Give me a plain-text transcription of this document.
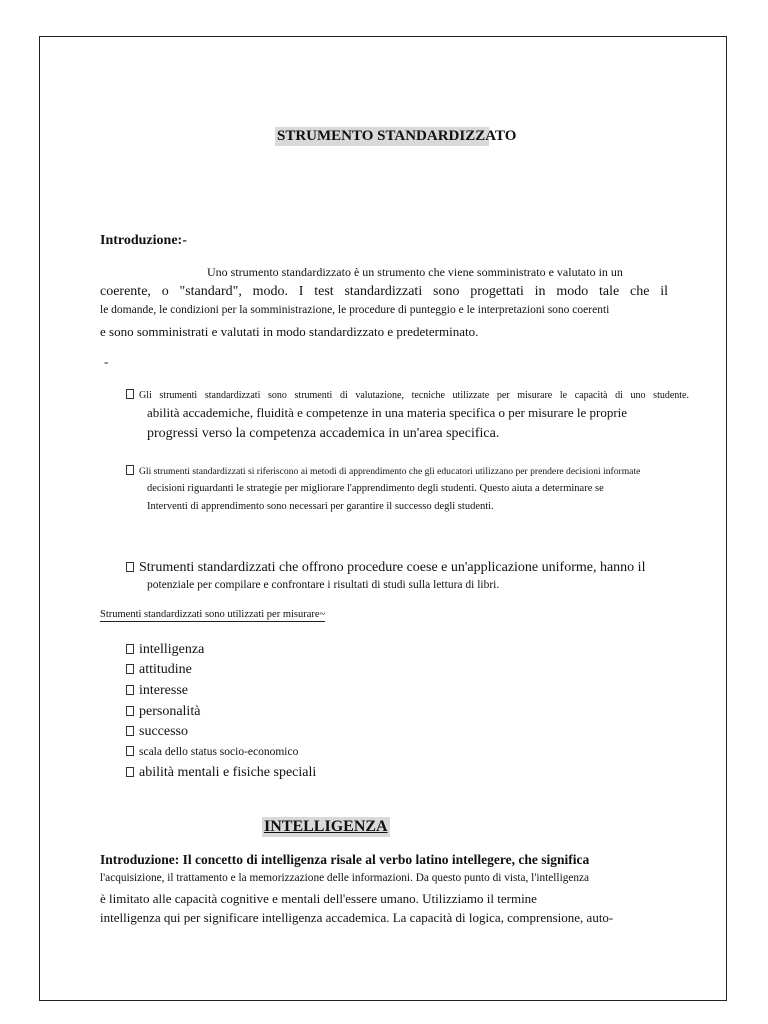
STRUMENTO STANDARDIZZATO
Introduzione:-
Uno strumento standardizzato è un strumento che viene somministrato e valutato in un
coerente, o "standard", modo. I test standardizzati sono progettati in modo tale che il
le domande, le condizioni per la somministrazione, le procedure di punteggio e le interpretazioni sono coerenti
e sono somministrati e valutati in modo standardizzato e predeterminato.
-
Gli strumenti standardizzati sono strumenti di valutazione, tecniche utilizzate per misurare le capacità di uno studente.
abilità accademiche, fluidità e competenze in una materia specifica o per misurare le proprie
progressi verso la competenza accademica in un'area specifica.
Gli strumenti standardizzati si riferiscono ai metodi di apprendimento che gli educatori utilizzano per prendere decisioni informate
decisioni riguardanti le strategie per migliorare l'apprendimento degli studenti. Questo aiuta a determinare se
Interventi di apprendimento sono necessari per garantire il successo degli studenti.
Strumenti standardizzati che offrono procedure coese e un'applicazione uniforme, hanno il
potenziale per compilare e confrontare i risultati di studi sulla lettura di libri.
Strumenti standardizzati sono utilizzati per misurare~
intelligenza
attitudine
interesse
personalità
successo
scala dello status socio-economico
abilità mentali e fisiche speciali
INTELLIGENZA
Introduzione: Il concetto di intelligenza risale al verbo latino intellegere, che significa
l'acquisizione, il trattamento e la memorizzazione delle informazioni. Da questo punto di vista, l'intelligenza
è limitato alle capacità cognitive e mentali dell'essere umano. Utilizziamo il termine
intelligenza qui per significare intelligenza accademica. La capacità di logica, comprensione, auto-
